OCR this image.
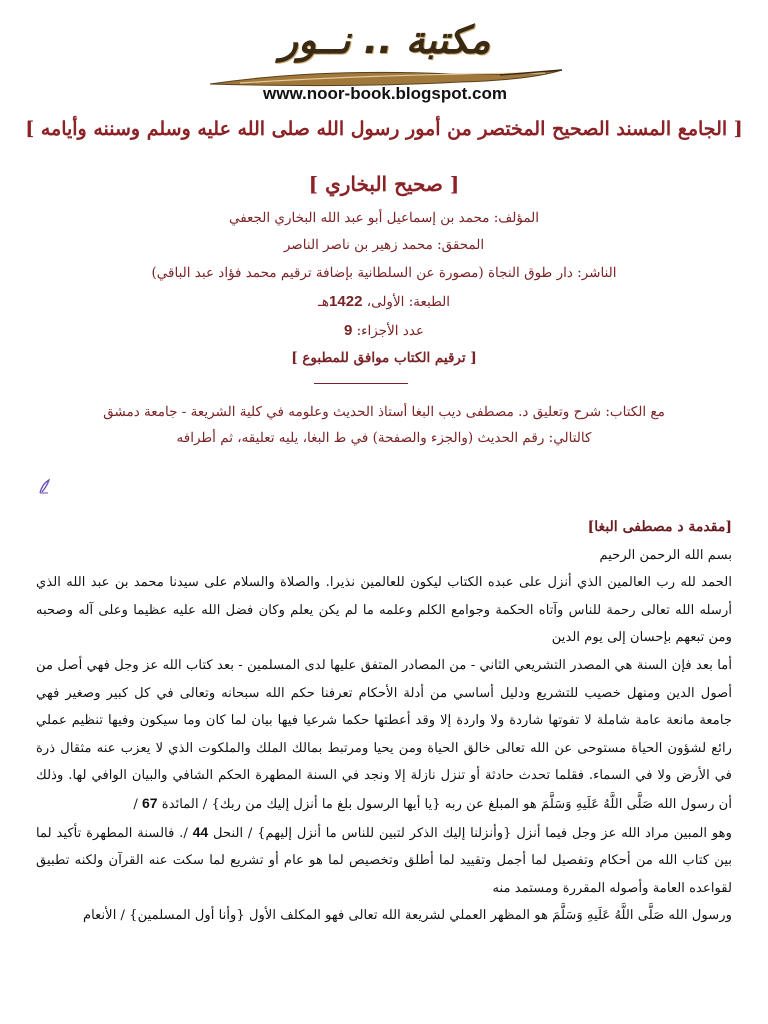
مكتبة .. نــور
www.noor-book.blogspot.com
[ الجامع المسند الصحيح المختصر من أمور رسول الله صلى الله عليه وسلم وسننه وأيامه ]
[ صحيح البخاري ]
المؤلف: محمد بن إسماعيل أبو عبد الله البخاري الجعفي
المحقق: محمد زهير بن ناصر الناصر
الناشر: دار طوق النجاة (مصورة عن السلطانية بإضافة ترقيم محمد فؤاد عبد الباقي)
الطبعة: الأولى، 1422هـ
عدد الأجزاء: 9
[ ترقيم الكتاب موافق للمطبوع ]
مع الكتاب: شرح وتعليق د. مصطفى ديب البغا أستاذ الحديث وعلومه في كلية الشريعة - جامعة دمشق
كالتالي: رقم الحديث (والجزء والصفحة) في ط البغا، يليه تعليقه، ثم أطرافه

[مقدمة د مصطفى البغا]

بسم الله الرحمن الرحيم

الحمد لله رب العالمين الذي أنزل على عبده الكتاب ليكون للعالمين نذيرا. والصلاة والسلام على سيدنا محمد بن عبد الله الذي أرسله الله تعالى رحمة للناس وآتاه الحكمة وجوامع الكلم وعلمه ما لم يكن يعلم وكان فضل الله عليه عظيما وعلى آله وصحبه ومن تبعهم بإحسان إلى يوم الدين

أما بعد فإن السنة هي المصدر التشريعي الثاني - من المصادر المتفق عليها لدى المسلمين - بعد كتاب الله عز وجل فهي أصل من أصول الدين ومنهل خصيب للتشريع ودليل أساسي من أدلة الأحكام تعرفنا حكم الله سبحانه وتعالى في كل كبير وصغير فهي جامعة مانعة عامة شاملة لا تفوتها شاردة ولا واردة إلا وقد أعطتها حكما شرعيا فيها بيان لما كان وما سيكون وفيها تنظيم عملي رائع لشؤون الحياة مستوحى عن الله تعالى خالق الحياة ومن يحيا ومرتبط بمالك الملك والملكوت الذي لا يعزب عنه مثقال ذرة في الأرض ولا في السماء. فقلما تحدث حادثة أو تنزل نازلة إلا ونجد في السنة المطهرة الحكم الشافي والبيان الوافي لها. وذلك أن رسول الله صَلَّى اللَّهُ عَلَيهِ وَسَلَّمَ هو المبلغ عن ربه {يا أيها الرسول بلغ ما أنزل إليك من ربك} / المائدة 67 /

وهو المبين مراد الله عز وجل فيما أنزل {وأنزلنا إليك الذكر لتبين للناس ما أنزل إليهم} / النحل 44 /. فالسنة المطهرة تأكيد لما بين كتاب الله من أحكام وتفصيل لما أجمل وتقييد لما أطلق وتخصيص لما هو عام أو تشريع لما سكت عنه القرآن ولكنه تطبيق لقواعده العامة وأصوله المقررة ومستمد منه

ورسول الله صَلَّى اللَّهُ عَلَيهِ وَسَلَّمَ هو المظهر العملي لشريعة الله تعالى فهو المكلف الأول {وأنا أول المسلمين} / الأنعام
